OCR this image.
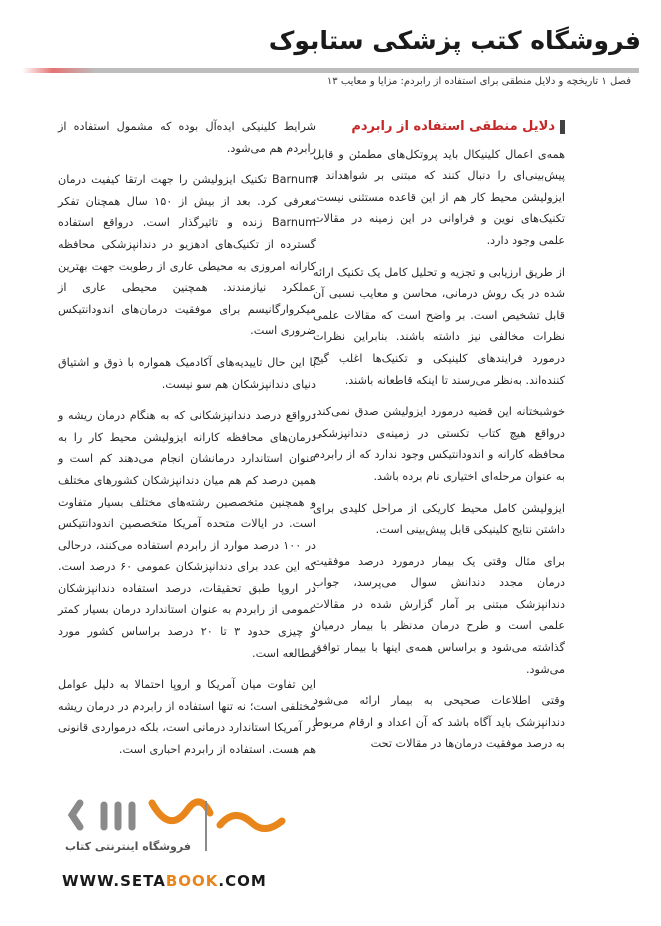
فروشگاه کتب پزشکی ستابوک
فصل ۱ تاریخچه و دلایل منطقی برای استفاده از رابردم: مزایا و معایب ۱۳
دلایل منطقی استفاده از رابردم

همه‌ی اعمال کلینیکال باید پروتکل‌های مطمئن و قابل پیش‌بینی‌ای را دنبال کنند که مبتنی بر شواهداند و ایزولیشن محیط کار هم از این قاعده مستثنی نیست. تکنیک‌های نوین و فراوانی در این زمینه در مقالات علمی وجود دارد.

از طریق ارزیابی و تجزیه و تحلیل کامل یک تکنیک ارائه شده در یک روش درمانی، محاسن و معایب نسبی آن قابل تشخیص است. بر واضح است که مقالات علمی نظرات مخالفی نیز داشته باشند. بنابراین نظرات درمورد فرایندهای کلینیکی و تکنیک‌ها اغلب گیج کننده‌اند. به‌نظر می‌رسند تا اینکه قاطعانه باشند.

خوشبختانه این قضیه درمورد ایزولیشن صدق نمی‌کند. درواقع هیچ کتاب تکستی در زمینه‌ی دندانپزشکی محافظه کارانه و اندودانتیکس وجود ندارد که از رابردم به عنوان مرحله‌ای اختیاری نام برده باشد.

ایزولیشن کامل محیط کاریکی از مراحل کلیدی برای داشتن نتایج کلینیکی قابل پیش‌بینی است.

برای مثال وقتی یک بیمار درمورد درصد موفقیت درمان مجدد دندانش سوال می‌پرسد، جواب دندانپزشک مبتنی بر آمار گزارش شده در مقالات علمی است و طرح درمان مدنظر با بیمار درمیان گذاشته می‌شود و براساس همه‌ی اینها با بیمار توافق می‌شود.

وقتی اطلاعات صحیحی به بیمار ارائه می‌شود دندانپزشک باید آگاه باشد که آن اعداد و ارقام مربوط به درصد موفقیت درمان‌ها در مقالات تحت

شرایط کلینیکی ایده‌آل بوده که مشمول استفاده از رابردم هم می‌شود.

Barnum تکنیک ایزولیشن را جهت ارتقا کیفیت درمان معرفی کرد. بعد از بیش از ۱۵۰ سال همچنان تفکر Barnum زنده و تاثیرگذار است. درواقع استفاده گسترده از تکنیک‌های ادهزیو در دندانپزشکی محافظه کارانه امروزی به محیطی عاری از رطوبت جهت بهترین عملکرد نیازمندند. همچنین محیطی عاری از میکروارگانیسم برای موفقیت درمان‌های اندودانتیکس ضروری است.

با این حال تاییدیه‌های آکادمیک همواره با ذوق و اشتیاق دنیای دندانپزشکان هم سو نیست.

درواقع درصد دندانپزشکانی که به هنگام درمان ریشه و درمان‌های محافظه کارانه ایزولیشن محیط کار را به عنوان استاندارد درمانشان انجام می‌دهند کم است و همین درصد کم هم میان دندانپزشکان کشورهای مختلف و همچنین متخصصین رشته‌های مختلف بسیار متفاوت است. در ایالات متحده آمریکا متخصصین اندودانتیکس در ۱۰۰ درصد موارد از رابردم استفاده می‌کنند، درحالی که این عدد برای دندانپزشکان عمومی ۶۰ درصد است. در اروپا طبق تحقیقات، درصد استفاده دندانپزشکان عمومی از رابردم به عنوان استاندارد درمان بسیار کمتر و چیزی حدود ۳ تا ۲۰ درصد براساس کشور مورد مطالعه است.

این تفاوت میان آمریکا و اروپا احتمالا به دلیل عوامل مختلفی است؛ نه تنها استفاده از رابردم در درمان ریشه در آمریکا استاندارد درمانی است، بلکه درمواردی قانونی هم هست. استفاده از رابردم احباری است.

فروشگاه اینترنتی کتاب
WWW.SETABOOK.COM
